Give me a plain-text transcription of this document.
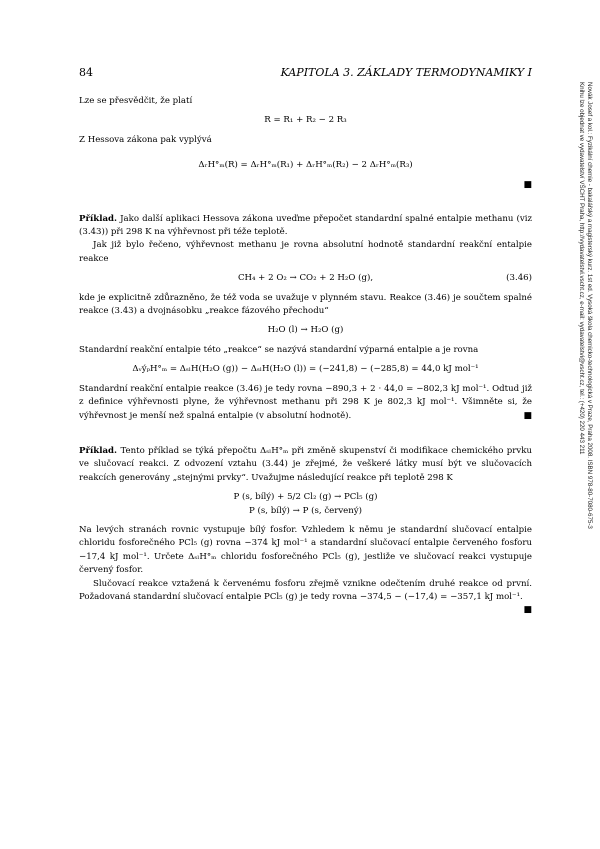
84	KAPITOLA 3. ZÁKLADY TERMODYNAMIKY I
Novák Josef a kol.: Fyzikální chemie - bakalářský a magisterský kurz. 1st ed. Vysoká škola chemicko-technologická v Praze, Praha 2008. ISBN 978-80-7080-675-3
Knihu lze objednat ve vydavatelství VŠCHT Praha, http://vydavatelstvi.vscht.cz, e-mail: vydavatelstvi@vscht.cz, tel.: (+420) 220 443 211

Lze se přesvědčit, že platí

R = R₁ + R₂ − 2 R₃

Z Hessova zákona pak vyplývá

ΔᵣH°ₘ(R) = ΔᵣH°ₘ(R₁) + ΔᵣH°ₘ(R₂) − 2 ΔᵣH°ₘ(R₃)

■

Příklad. Jako další aplikaci Hessova zákona uveďme přepočet standardní spalné entalpie methanu (viz (3.43)) při 298 K na výhřevnost při téže teplotě.

Jak již bylo řečeno, výhřevnost methanu je rovna absolutní hodnotě standardní reakční entalpie reakce

CH₄ + 2 O₂ → CO₂ + 2 H₂O (g),	(3.46)

kde je explicitně zdůrazněno, že též voda se uvažuje v plynném stavu. Reakce (3.46) je součtem spalné reakce (3.43) a dvojnásobku „reakce fázového přechodu“

H₂O (l) → H₂O (g)

Standardní reakční entalpie této „reakce“ se nazývá standardní výparná entalpie a je rovna

ΔᵥýₚH°ₘ = ΔₛₗH(H₂O (g)) − ΔₛₗH(H₂O (l)) = (−241,8) − (−285,8) = 44,0 kJ mol⁻¹

Standardní reakční entalpie reakce (3.46) je tedy rovna −890,3 + 2 · 44,0 = −802,3 kJ mol⁻¹. Odtud již z definice výhřevnosti plyne, že výhřevnost methanu při 298 K je 802,3 kJ mol⁻¹. Všimněte si, že výhřevnost je menší než spalná entalpie (v absolutní hodnotě).	■

Příklad. Tento příklad se týká přepočtu ΔₛₗH°ₘ při změně skupenství či modifikace chemického prvku ve slučovací reakci. Z odvození vztahu (3.44) je zřejmé, že veškeré látky musí být ve slučovacích reakcích generovány „stejnými prvky“. Uvažujme následující reakce při teplotě 298 K

P (s, bílý) + 5/2 Cl₂ (g) → PCl₅ (g)
P (s, bílý) → P (s, červený)

Na levých stranách rovnic vystupuje bílý fosfor. Vzhledem k němu je standardní slučovací entalpie chloridu fosforečného PCl₅ (g) rovna −374 kJ mol⁻¹ a standardní slučovací entalpie červeného fosforu −17,4 kJ mol⁻¹. Určete ΔₛₗH°ₘ chloridu fosforečného PCl₅ (g), jestliže ve slučovací reakci vystupuje červený fosfor.

Slučovací reakce vztažená k červenému fosforu zřejmě vznikne odečtením druhé reakce od první. Požadovaná standardní slučovací entalpie PCl₅ (g) je tedy rovna −374,5 − (−17,4) = −357,1 kJ mol⁻¹.
■
